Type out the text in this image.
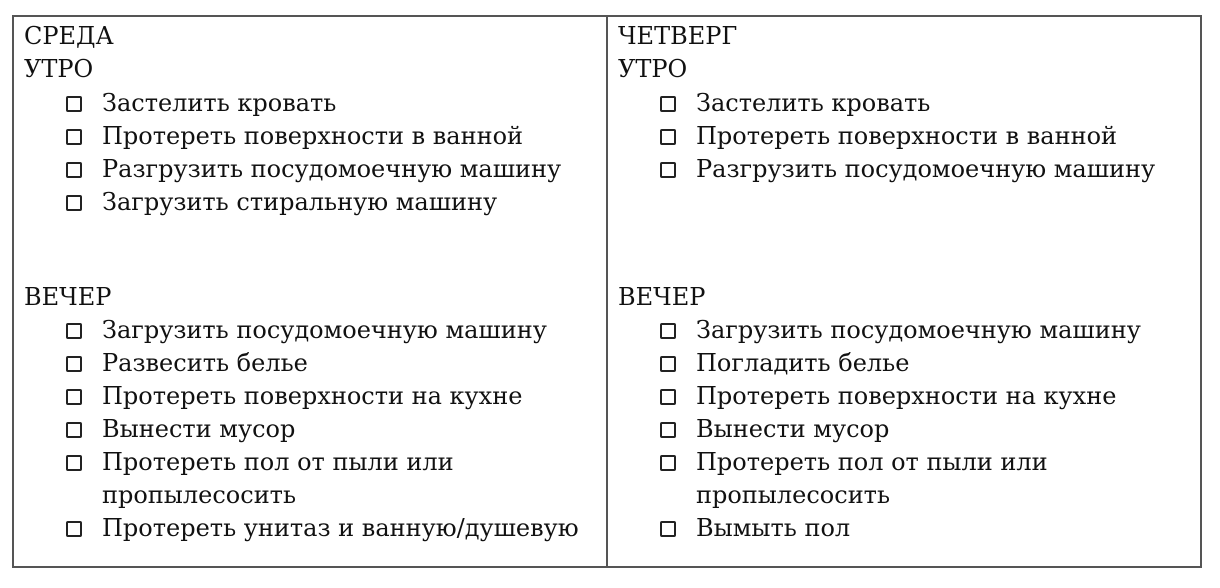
СРЕДА
УТРО
Застелить кровать
Протереть поверхности в ванной
Разгрузить посудомоечную машину
Загрузить стиральную машину
ВЕЧЕР
Загрузить посудомоечную машину
Развесить белье
Протереть поверхности на кухне
Вынести мусор
Протереть пол от пыли или пропылесосить
Протереть унитаз и ванную/душевую
ЧЕТВЕРГ
УТРО
Застелить кровать
Протереть поверхности в ванной
Разгрузить посудомоечную машину
ВЕЧЕР
Загрузить посудомоечную машину
Погладить белье
Протереть поверхности на кухне
Вынести мусор
Протереть пол от пыли или пропылесосить
Вымыть пол
